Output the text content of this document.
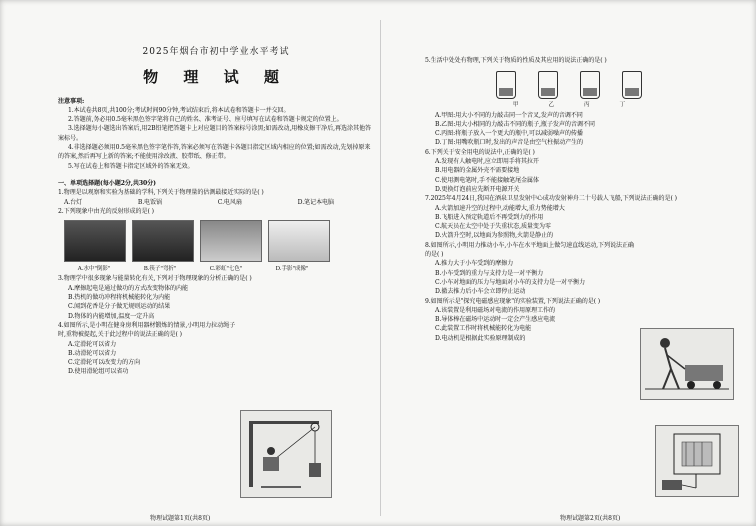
2025年烟台市初中学业水平考试
物 理 试 题

注意事项:

1.本试卷共8页,共100分;考试时间90分钟,考试结束后,将本试卷和答题卡一并交回。

2.答题前,务必用0.5毫米黑色签字笔将自己的姓名、准考证号、座号填写在试卷和答题卡规定的位置上。

3.选择题每小题选出答案后,用2B铅笔把答题卡上对应题目的答案标号涂黑;如需改动,用橡皮擦干净后,再选涂其他答案标号。

4.非选择题必须用0.5毫米黑色签字笔作答,答案必须写在答题卡各题目指定区域内相应的位置;如需改动,先划掉原来的答案,然后再写上新的答案;不能使用涂改液、胶带纸、修正带。

5.写在试卷上和答题卡指定区域外的答案无效。

一、单项选择题(每小题2分,共30分)

1.物理是以观察和实验为基础的学科,下列关于物理量的估测最接近实际的是( )

A.台灯	B.电饭锅	C.电风扇	D.笔记本电脑

2.下列现象中由光的反射形成的是( )

A.水中"倒影"	B.筷子"弯折"	C.彩虹"七色"	D.手影"成像"

3.物理学中很多现象与能量转化有关,下列对于物理现象的分析正确的是( )

A.摩擦起电是通过做功的方式改变物体的内能

B.热机的做功冲程将机械能转化为内能

C.闻到花香是分子做无规则运动的结果

D.物体的内能增加,温度一定升高

4.如图所示,是小明在健身房利用器材锻炼的情景,小明用力拉动绳子时,重物被提起,关于此过程中的说法正确的是( )

A.定滑轮可以省力

B.动滑轮可以省力

C.定滑轮可以改变力的方向

D.使用滑轮组可以省功

5.生活中处处有物理,下列关于物质的性质及其应用的说法正确的是( )

甲	乙	丙	丁

A.甲图:用大小不同的力敲击同一个音叉,发声的音调不同

B.乙图:用大小相同的力敲击不同的瓶子,瓶子发声的音调不同

C.丙图:将瓶子放入一个更大的瓶中,可以减弱噪声的传播

D.丁图:用嘴吹瓶口时,发出的声音是由空气柱振动产生的

6.下列关于安全用电的说法中,正确的是( )

A.发现有人触电时,应立即用手将其拉开

B.用电器的金属外壳不需要接地

C.使用测电笔时,手不能接触笔尾金属体

D.更换灯泡前应先断开电源开关

7.2025年4月24日,我国在酒泉卫星发射中心成功发射神舟二十号载人飞船,下列说法正确的是( )

A.火箭加速升空的过程中,动能增大,重力势能增大

B.飞船进入预定轨道后不再受到力的作用

C.航天员在太空中处于失重状态,质量变为零

D.火箭升空时,以地面为参照物,火箭是静止的

8.如图所示,小明用力推动小车,小车在水平地面上做匀速直线运动,下列说法正确的是( )

A.推力大于小车受到的摩擦力

B.小车受到的重力与支持力是一对平衡力

C.小车对地面的压力与地面对小车的支持力是一对平衡力

D.撤去推力后小车会立即停止运动

9.如图所示是"探究电磁感应现象"的实验装置,下列说法正确的是( )

A.该装置是利用磁场对电流的作用原理工作的

B.导体棒在磁场中运动时一定会产生感应电流

C.此装置工作时将机械能转化为电能

D.电动机是根据此实验原理制成的

物理试题第1页(共8页)	物理试题第2页(共8页)
